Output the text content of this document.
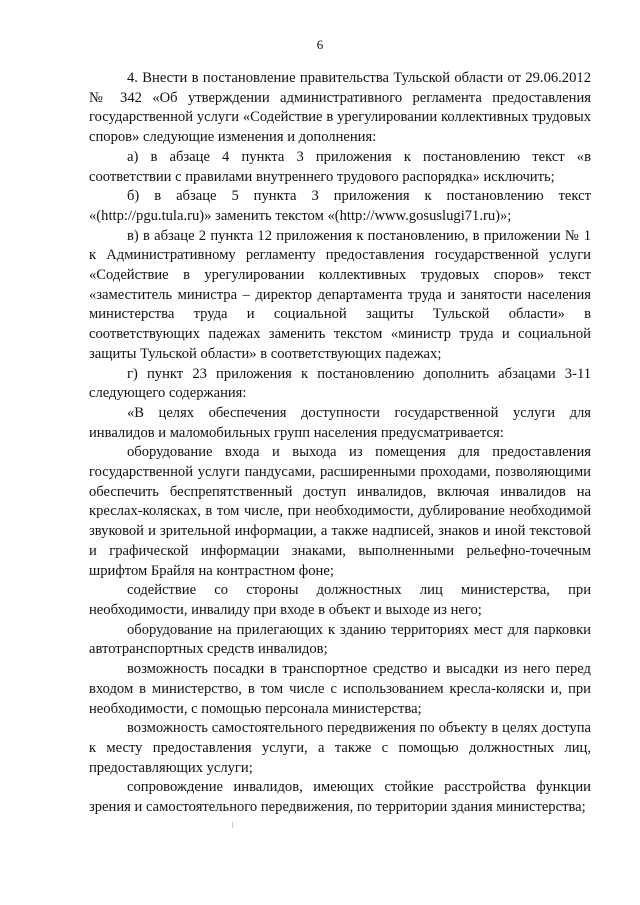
6

4. Внести в постановление правительства Тульской области от 29.06.2012 № 342 «Об утверждении административного регламента предоставления государственной услуги «Содействие в урегулировании коллективных трудовых споров» следующие изменения и дополнения:

а) в абзаце 4 пункта 3 приложения к постановлению текст «в соответствии с правилами внутреннего трудового распорядка» исключить;

б) в абзаце 5 пункта 3 приложения к постановлению текст «(http://pgu.tula.ru)» заменить текстом «(http://www.gosuslugi71.ru)»;

в) в абзаце 2 пункта 12 приложения к постановлению, в приложении № 1 к Административному регламенту предоставления государственной услуги «Содействие в урегулировании коллективных трудовых споров» текст «заместитель министра – директор департамента труда и занятости населения министерства труда и социальной защиты Тульской области» в соответствующих падежах заменить текстом «министр труда и социальной защиты Тульской области» в соответствующих падежах;

г) пункт 23 приложения к постановлению дополнить абзацами 3-11 следующего содержания:

«В целях обеспечения доступности государственной услуги для инвалидов и маломобильных групп населения предусматривается:

оборудование входа и выхода из помещения для предоставления государственной услуги пандусами, расширенными проходами, позволяющими обеспечить беспрепятственный доступ инвалидов, включая инвалидов на креслах-колясках, в том числе, при необходимости, дублирование необходимой звуковой и зрительной информации, а также надписей, знаков и иной текстовой и графической информации знаками, выполненными рельефно-точечным шрифтом Брайля на контрастном фоне;

содействие со стороны должностных лиц министерства, при необходимости, инвалиду при входе в объект и выходе из него;

оборудование на прилегающих к зданию территориях мест для парковки автотранспортных средств инвалидов;

возможность посадки в транспортное средство и высадки из него перед входом в министерство, в том числе с использованием кресла-коляски и, при необходимости, с помощью персонала министерства;

возможность самостоятельного передвижения по объекту в целях доступа к месту предоставления услуги, а также с помощью должностных лиц, предоставляющих услуги;

сопровождение инвалидов, имеющих стойкие расстройства функции зрения и самостоятельного передвижения, по территории здания министерства;
